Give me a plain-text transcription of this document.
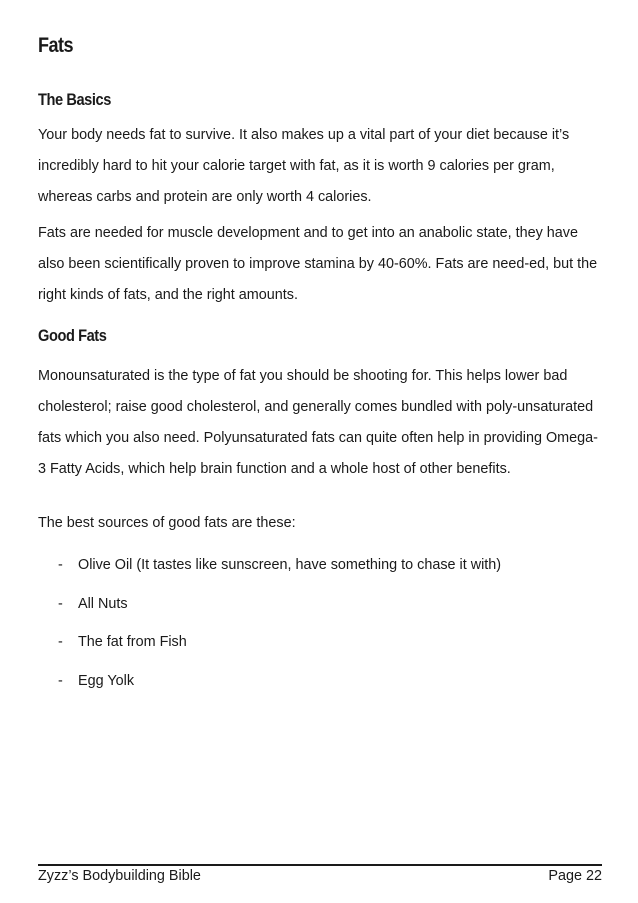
Fats
The Basics

Your body needs fat to survive. It also makes up a vital part of your diet because it’s incredibly hard to hit your calorie target with fat, as it is worth 9 calories per gram, whereas carbs and protein are only worth 4 calories.

Fats are needed for muscle development and to get into an anabolic state, they have also been scientifically proven to improve stamina by 40-60%. Fats are need-ed, but the right kinds of fats, and the right amounts.

Good Fats

Monounsaturated is the type of fat you should be shooting for. This helps lower bad cholesterol; raise good cholesterol, and generally comes bundled with poly-unsaturated fats which you also need. Polyunsaturated fats can quite often help in providing Omega-3 Fatty Acids, which help brain function and a whole host of other benefits.

The best sources of good fats are these:

- Olive Oil (It tastes like sunscreen, have something to chase it with)
- All Nuts
- The fat from Fish
- Egg Yolk
Zyzz’s Bodybuilding Bible	Page 22
